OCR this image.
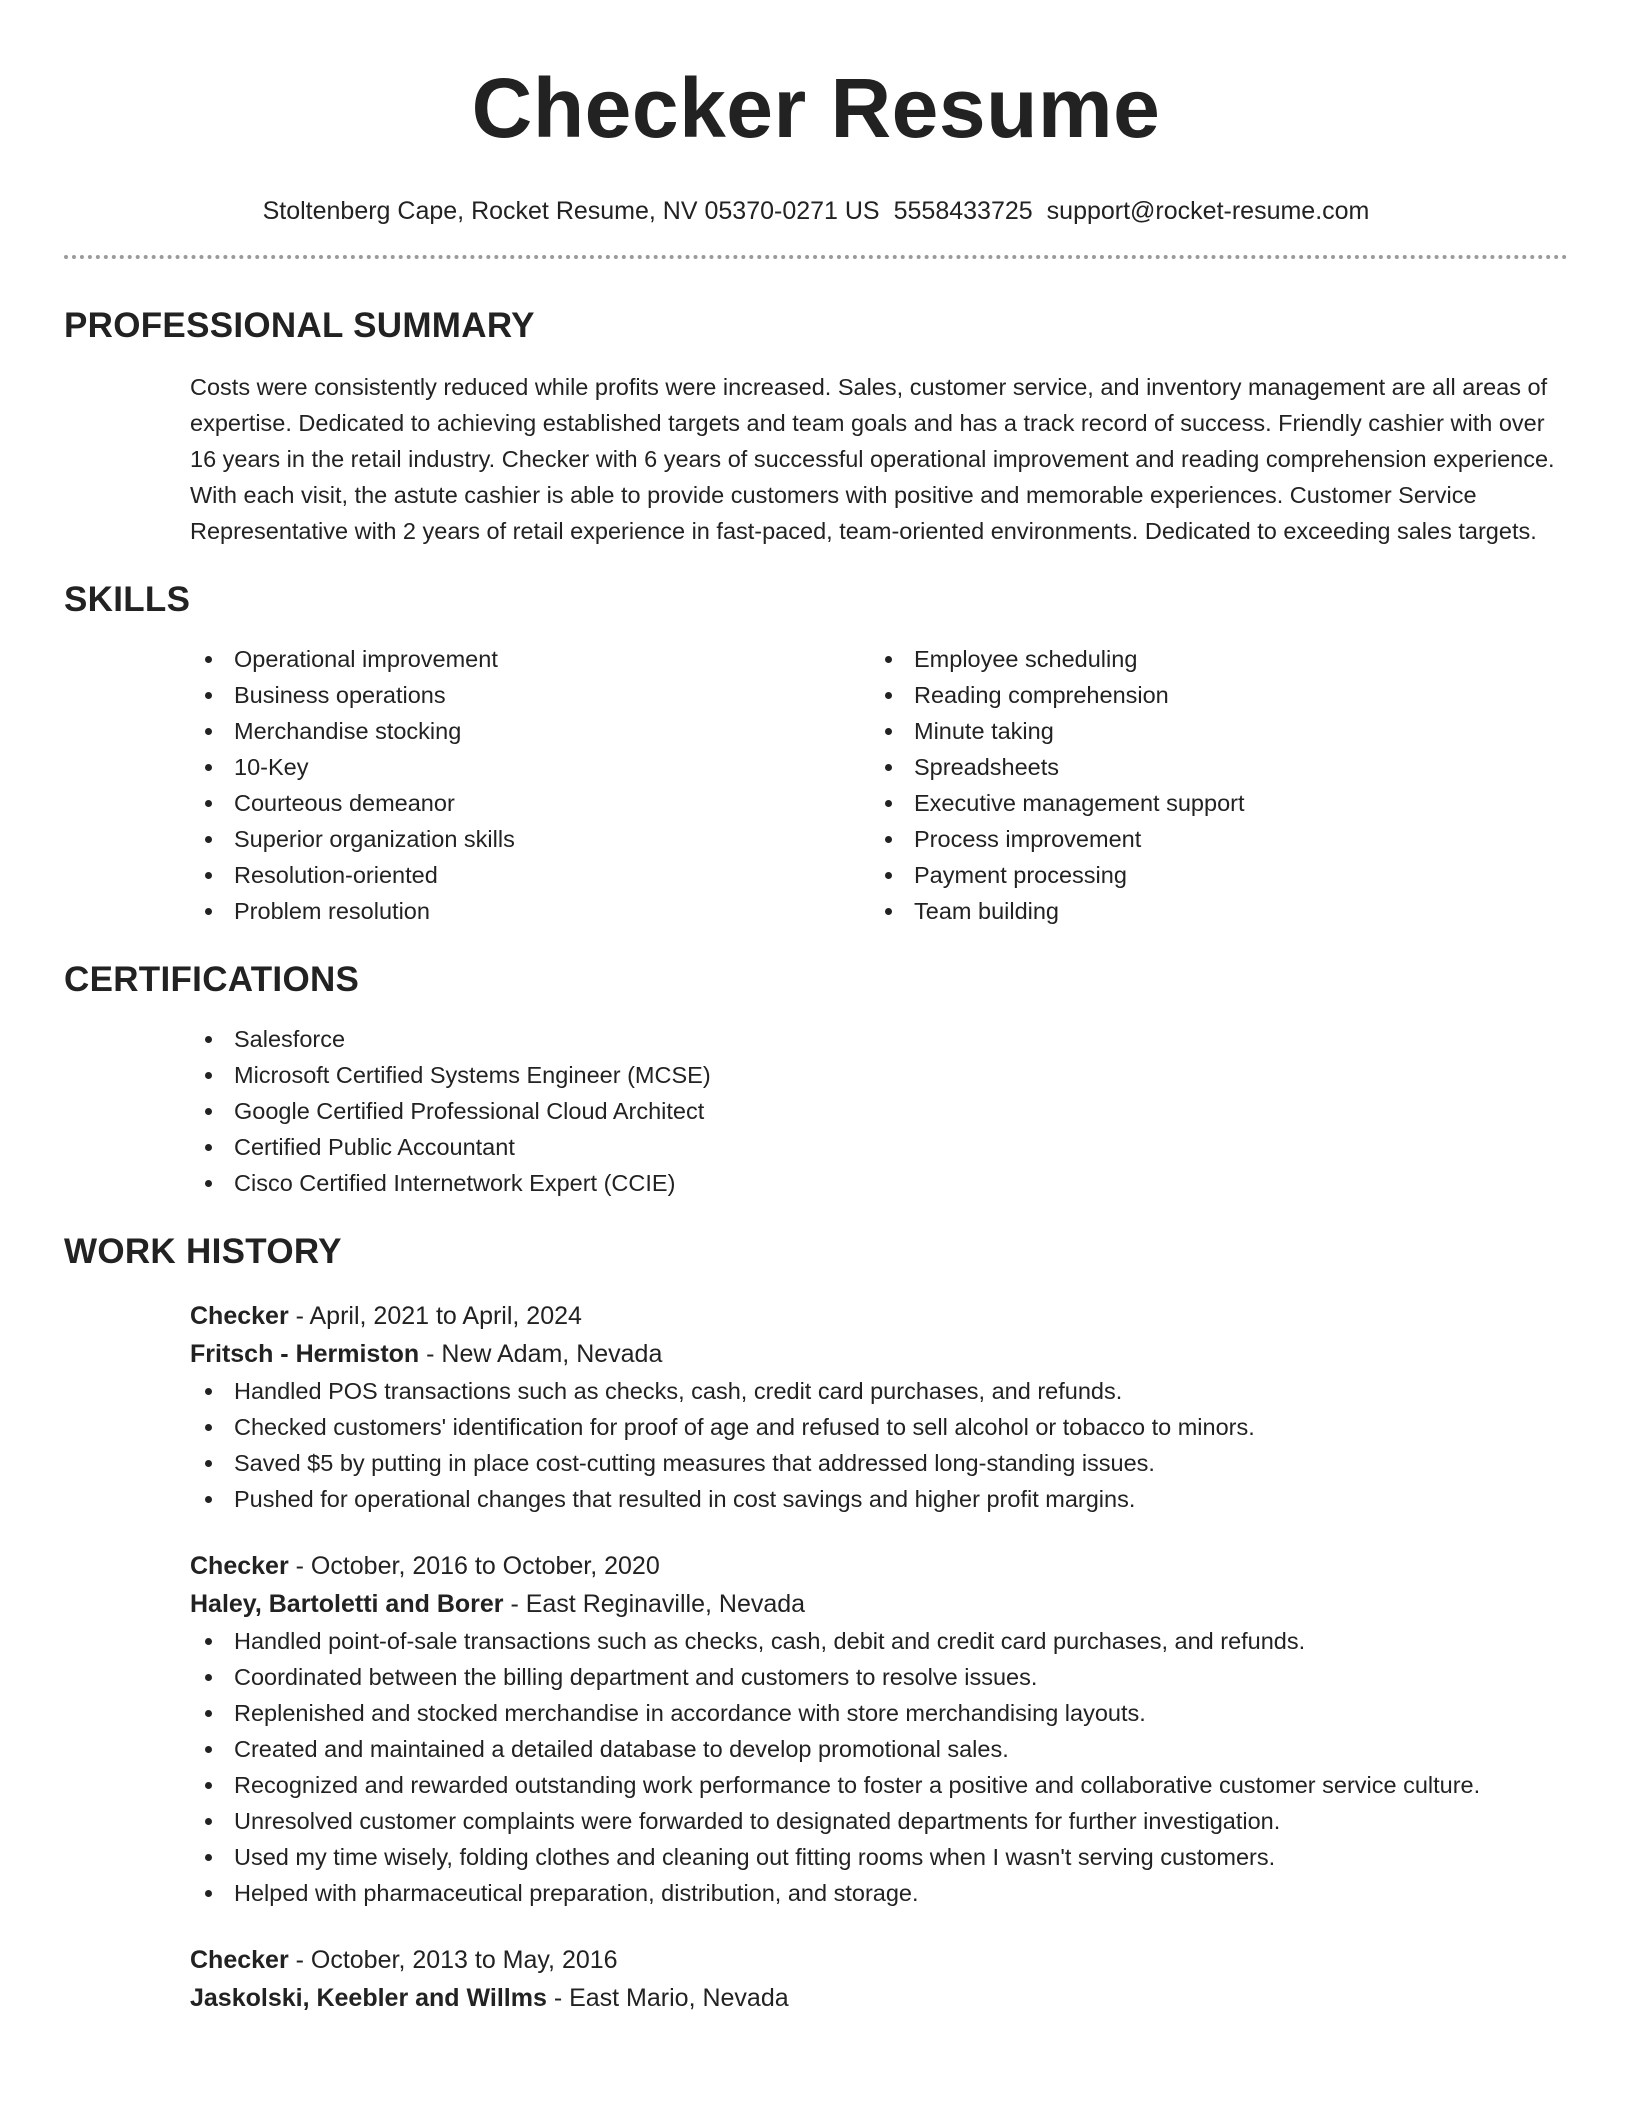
Checker Resume
Stoltenberg Cape, Rocket Resume, NV 05370-0271 US 5558433725 support@rocket-resume.com
PROFESSIONAL SUMMARY

Costs were consistently reduced while profits were increased. Sales, customer service, and inventory management are all areas of expertise. Dedicated to achieving established targets and team goals and has a track record of success. Friendly cashier with over 16 years in the retail industry. Checker with 6 years of successful operational improvement and reading comprehension experience. With each visit, the astute cashier is able to provide customers with positive and memorable experiences. Customer Service Representative with 2 years of retail experience in fast-paced, team-oriented environments. Dedicated to exceeding sales targets.

SKILLS
Operational improvement
Business operations
Merchandise stocking
10-Key
Courteous demeanor
Superior organization skills
Resolution-oriented
Problem resolution
Employee scheduling
Reading comprehension
Minute taking
Spreadsheets
Executive management support
Process improvement
Payment processing
Team building
CERTIFICATIONS
Salesforce
Microsoft Certified Systems Engineer (MCSE)
Google Certified Professional Cloud Architect
Certified Public Accountant
Cisco Certified Internetwork Expert (CCIE)
WORK HISTORY
Checker - April, 2021 to April, 2024
Fritsch - Hermiston - New Adam, Nevada
Handled POS transactions such as checks, cash, credit card purchases, and refunds.
Checked customers' identification for proof of age and refused to sell alcohol or tobacco to minors.
Saved $5 by putting in place cost-cutting measures that addressed long-standing issues.
Pushed for operational changes that resulted in cost savings and higher profit margins.
Checker - October, 2016 to October, 2020
Haley, Bartoletti and Borer - East Reginaville, Nevada
Handled point-of-sale transactions such as checks, cash, debit and credit card purchases, and refunds.
Coordinated between the billing department and customers to resolve issues.
Replenished and stocked merchandise in accordance with store merchandising layouts.
Created and maintained a detailed database to develop promotional sales.
Recognized and rewarded outstanding work performance to foster a positive and collaborative customer service culture.
Unresolved customer complaints were forwarded to designated departments for further investigation.
Used my time wisely, folding clothes and cleaning out fitting rooms when I wasn't serving customers.
Helped with pharmaceutical preparation, distribution, and storage.
Checker - October, 2013 to May, 2016
Jaskolski, Keebler and Willms - East Mario, Nevada
